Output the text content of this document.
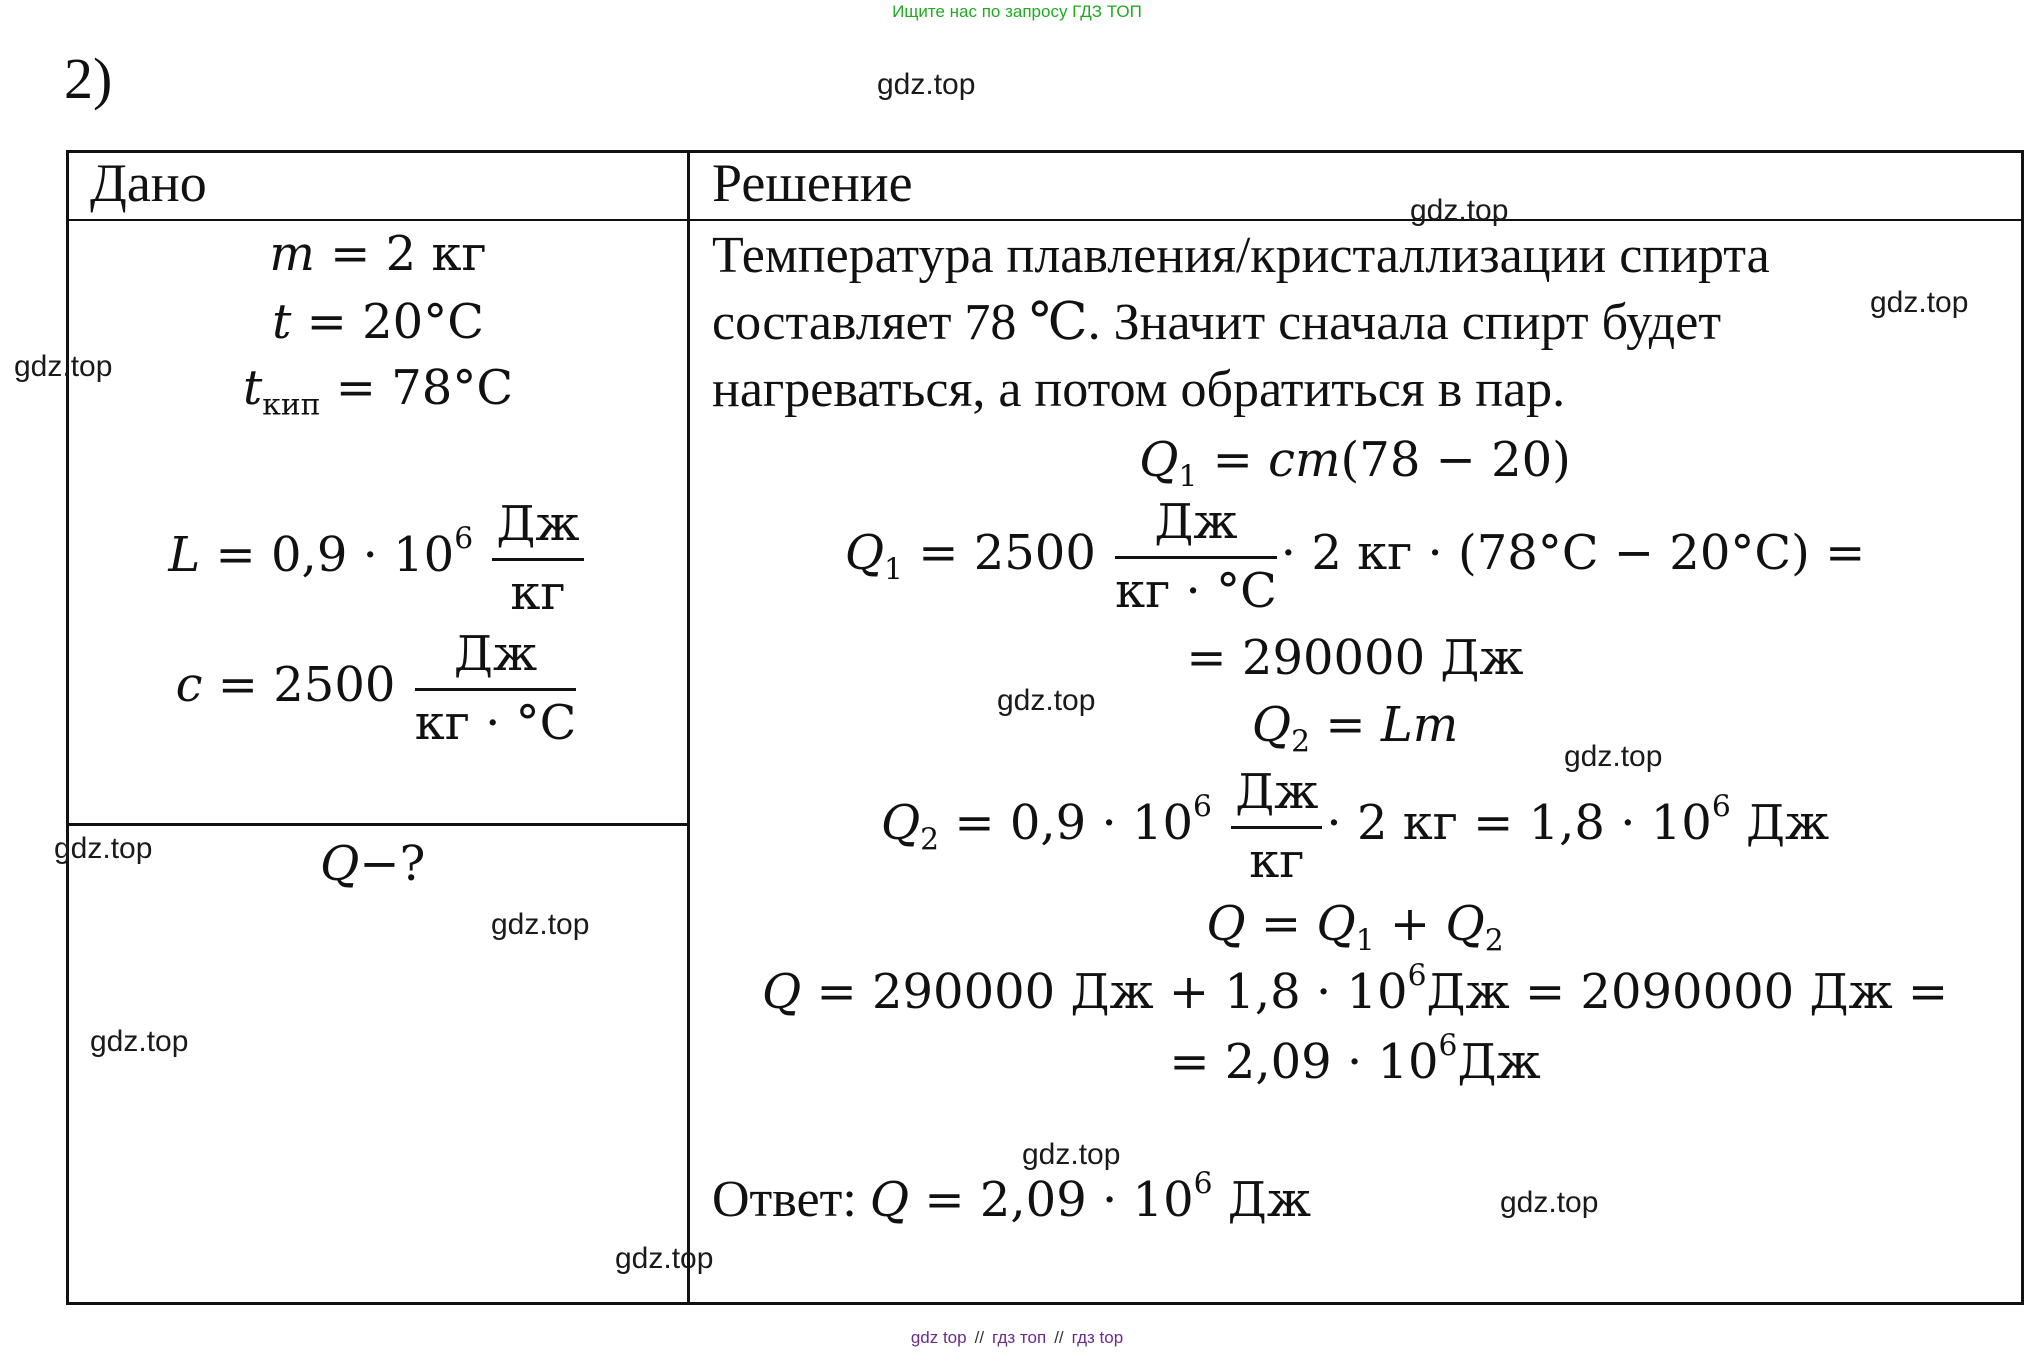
Ищите нас по запросу ГДЗ ТОП
2)
Дано	Решение
m = 2 кг
t = 20°C
$t_{кип} = 78^\circ C$
$L = 0,9 \cdot 10^6 \frac{Дж}{кг}$
$c = 2500 \frac{Дж}{кг \cdot ^\circ C}$
Q−?
Температура плавления/кристаллизации спирта
составляет 78 ℃. Значит сначала спирт будет
нагреваться, а потом обратиться в пар.
$Q_1 = cm(78 - 20)$
$Q_1 = 2500 \frac{Дж}{кг \cdot ^\circ C} \cdot 2$ кг · (78°C − 20°C) =
= 290000 Дж
$Q_2 = Lm$
$Q_2 = 0,9 \cdot 10^6 \frac{Дж}{кг} \cdot 2$ кг = $1,8 \cdot 10^6$ Дж
$Q = Q_1 + Q_2$
Q = 290000 Дж + $1,8 \cdot 10^6Дж = 2090000$ Дж =
= $2,09 \cdot 10^6Дж$
Ответ: $Q = 2,09 \cdot 10^6$ Дж
gdz.top
gdz.top
gdz.top
gdz.top
gdz.top
gdz.top
gdz.top
gdz.top
gdz.top
gdz.top
gdz.top
gdz.top
gdz top // гдз топ // гдз top
